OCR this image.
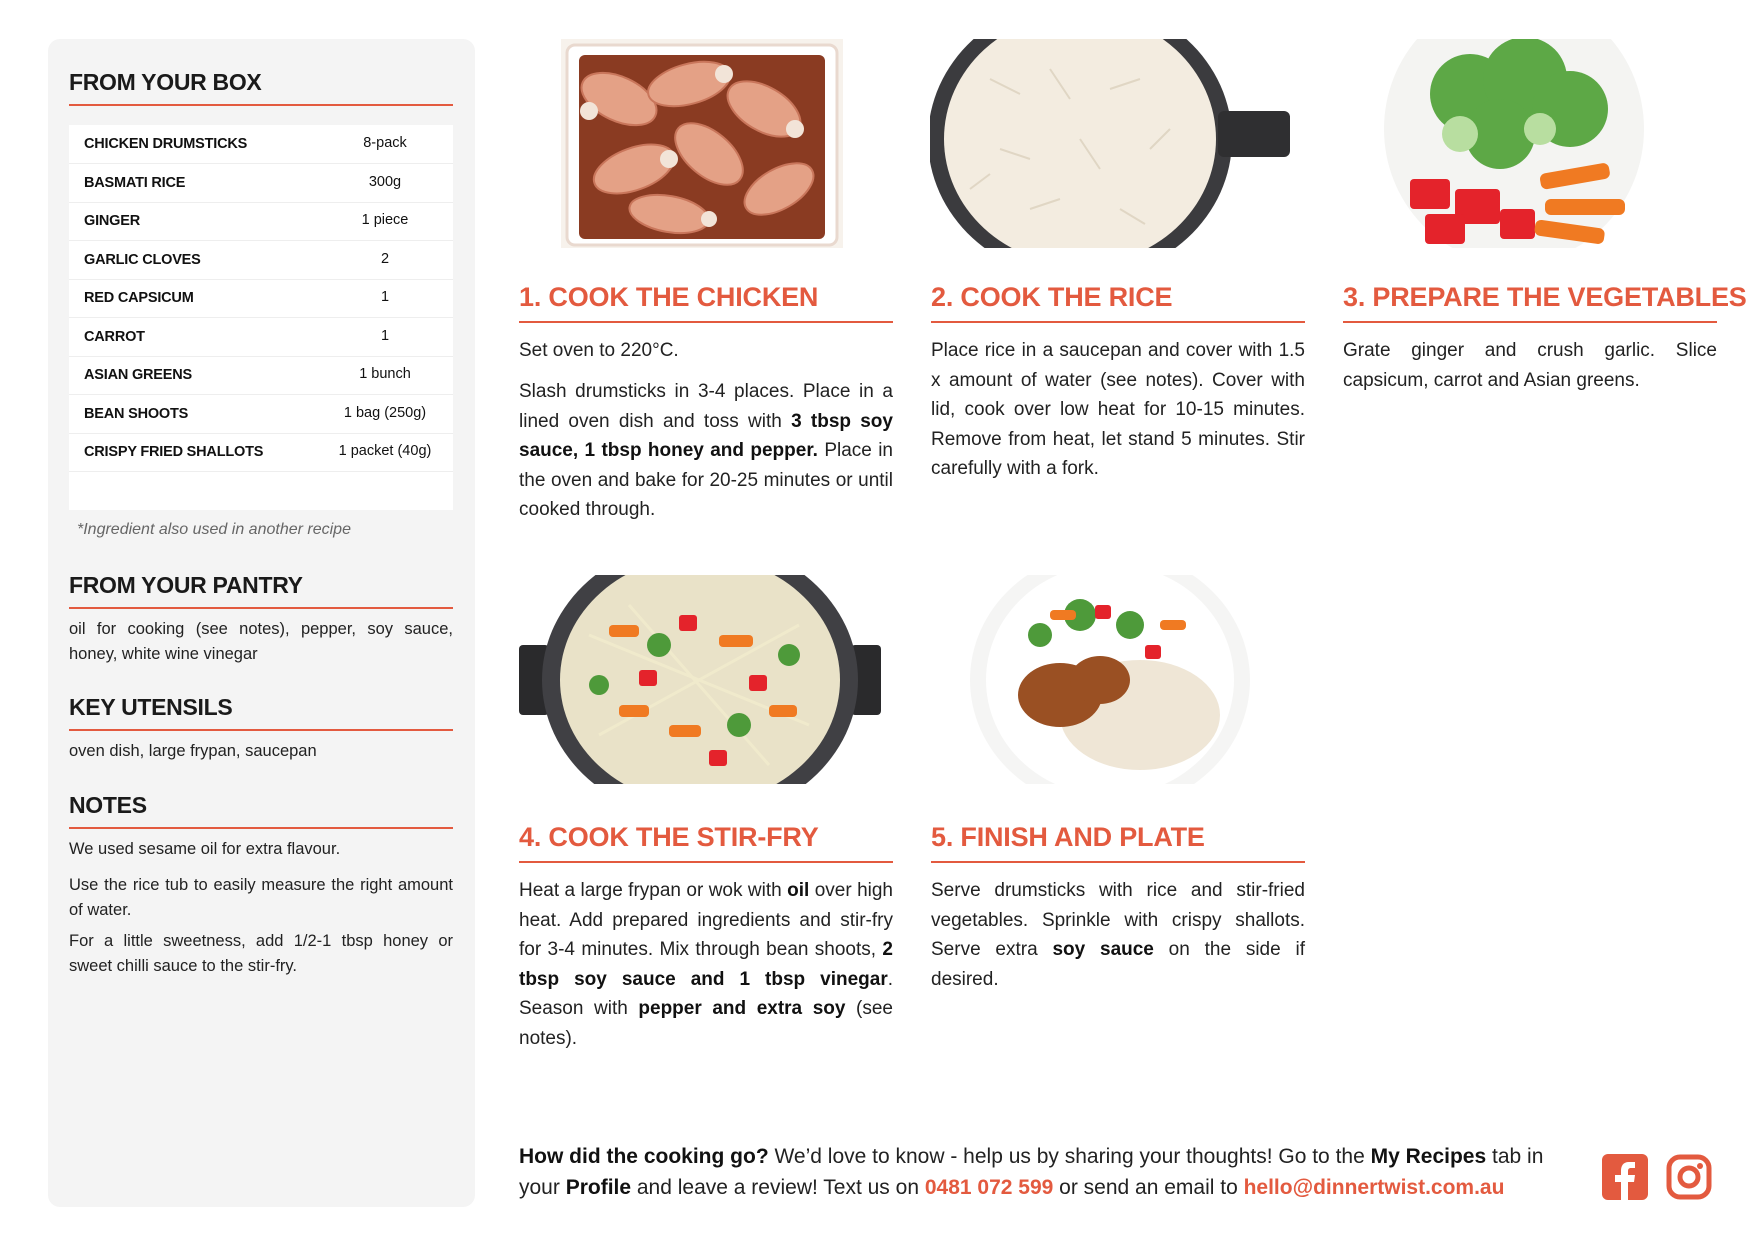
FROM YOUR BOX
CHICKEN DRUMSTICKS	8-pack
BASMATI RICE	300g
GINGER	1 piece
GARLIC CLOVES	2
RED CAPSICUM	1
CARROT	1
ASIAN GREENS	1 bunch
BEAN SHOOTS	1 bag (250g)
CRISPY FRIED SHALLOTS	1 packet (40g)
*Ingredient also used in another recipe
FROM YOUR PANTRY

oil for cooking (see notes), pepper, soy sauce, honey, white wine vinegar

KEY UTENSILS

oven dish, large frypan, saucepan

NOTES

We used sesame oil for extra flavour.

Use the rice tub to easily measure the right amount of water.

For a little sweetness, add 1/2-1 tbsp honey or sweet chilli sauce to the stir-fry.

1. COOK THE CHICKEN

Set oven to 220°C.

Slash drumsticks in 3-4 places. Place in a lined oven dish and toss with 3 tbsp soy sauce, 1 tbsp honey and pepper. Place in the oven and bake for 20-25 minutes or until cooked through.

2. COOK THE RICE

Place rice in a saucepan and cover with 1.5 x amount of water (see notes). Cover with lid, cook over low heat for 10-15 minutes. Remove from heat, let stand 5 minutes. Stir carefully with a fork.

3. PREPARE THE VEGETABLES

Grate ginger and crush garlic. Slice capsicum, carrot and Asian greens.

4. COOK THE STIR-FRY

Heat a large frypan or wok with oil over high heat. Add prepared ingredients and stir-fry for 3-4 minutes. Mix through bean shoots, 2 tbsp soy sauce and 1 tbsp vinegar. Season with pepper and extra soy (see notes).

5. FINISH AND PLATE

Serve drumsticks with rice and stir-fried vegetables. Sprinkle with crispy shallots. Serve extra soy sauce on the side if desired.

How did the cooking go? We’d love to know - help us by sharing your thoughts! Go to the My Recipes tab in your Profile and leave a review! Text us on 0481 072 599 or send an email to hello@dinnertwist.com.au
